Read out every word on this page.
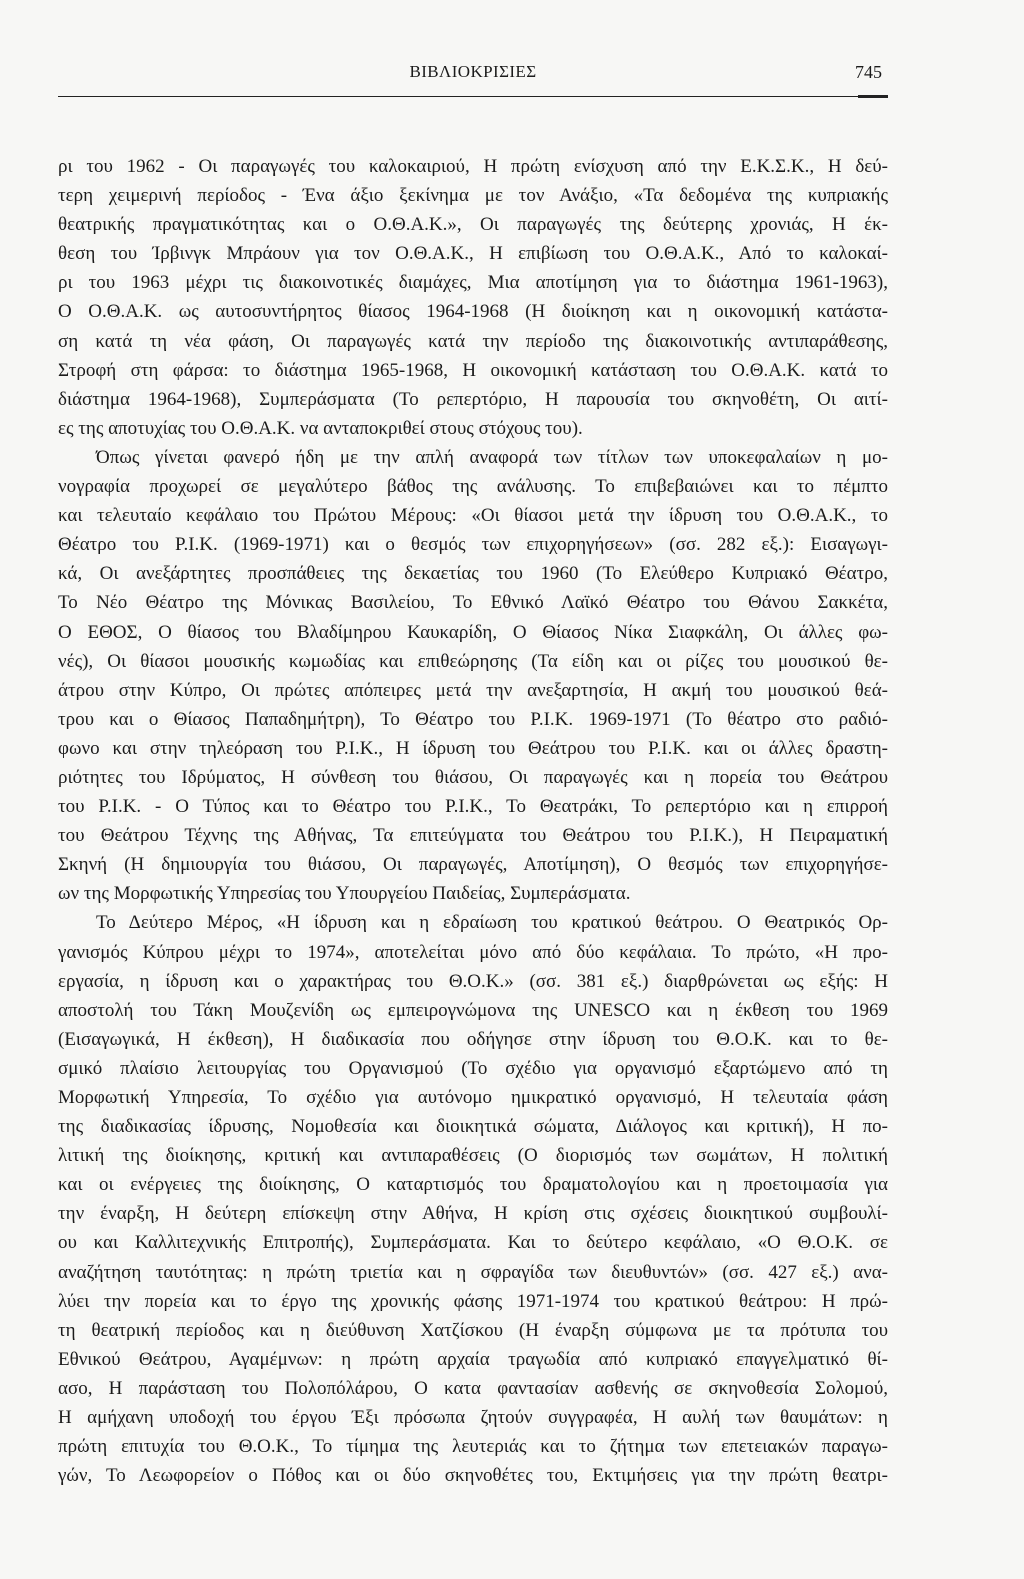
ΒΙΒΛΙΟΚΡΙΣΙΕΣ	745
ρι του 1962 - Οι παραγωγές του καλοκαιριού, Η πρώτη ενίσχυση από την Ε.Κ.Σ.Κ., Η δεύ-
τερη χειμερινή περίοδος - Ένα άξιο ξεκίνημα με τον Ανάξιο, «Τα δεδομένα της κυπριακής
θεατρικής πραγματικότητας και ο Ο.Θ.Α.Κ.», Οι παραγωγές της δεύτερης χρονιάς, Η έκ-
θεση του Ίρβινγκ Μπράουν για τον Ο.Θ.Α.Κ., Η επιβίωση του Ο.Θ.Α.Κ., Από το καλοκαί-
ρι του 1963 μέχρι τις διακοινοτικές διαμάχες, Μια αποτίμηση για το διάστημα 1961-1963),
Ο Ο.Θ.Α.Κ. ως αυτοσυντήρητος θίασος 1964-1968 (Η διοίκηση και η οικονομική κατάστα-
ση κατά τη νέα φάση, Οι παραγωγές κατά την περίοδο της διακοινοτικής αντιπαράθεσης,
Στροφή στη φάρσα: το διάστημα 1965-1968, Η οικονομική κατάσταση του Ο.Θ.Α.Κ. κατά το
διάστημα 1964-1968), Συμπεράσματα (Το ρεπερτόριο, Η παρουσία του σκηνοθέτη, Οι αιτί-
ες της αποτυχίας του Ο.Θ.Α.Κ. να ανταποκριθεί στους στόχους του).
Όπως γίνεται φανερό ήδη με την απλή αναφορά των τίτλων των υποκεφαλαίων η μο-
νογραφία προχωρεί σε μεγαλύτερο βάθος της ανάλυσης. Το επιβεβαιώνει και το πέμπτο
και τελευταίο κεφάλαιο του Πρώτου Μέρους: «Οι θίασοι μετά την ίδρυση του Ο.Θ.Α.Κ., το
Θέατρο του Ρ.Ι.Κ. (1969-1971) και ο θεσμός των επιχορηγήσεων» (σσ. 282 εξ.): Εισαγωγι-
κά, Οι ανεξάρτητες προσπάθειες της δεκαετίας του 1960 (Το Ελεύθερο Κυπριακό Θέατρο,
Το Νέο Θέατρο της Μόνικας Βασιλείου, Το Εθνικό Λαϊκό Θέατρο του Θάνου Σακκέτα,
Ο ΕΘΟΣ, Ο θίασος του Βλαδίμηρου Καυκαρίδη, Ο Θίασος Νίκα Σιαφκάλη, Οι άλλες φω-
νές), Οι θίασοι μουσικής κωμωδίας και επιθεώρησης (Τα είδη και οι ρίζες του μουσικού θε-
άτρου στην Κύπρο, Οι πρώτες απόπειρες μετά την ανεξαρτησία, Η ακμή του μουσικού θεά-
τρου και ο Θίασος Παπαδημήτρη), Το Θέατρο του Ρ.Ι.Κ. 1969-1971 (Το θέατρο στο ραδιό-
φωνο και στην τηλεόραση του Ρ.Ι.Κ., Η ίδρυση του Θεάτρου του Ρ.Ι.Κ. και οι άλλες δραστη-
ριότητες του Ιδρύματος, Η σύνθεση του θιάσου, Οι παραγωγές και η πορεία του Θεάτρου
του Ρ.Ι.Κ. - Ο Τύπος και το Θέατρο του Ρ.Ι.Κ., Το Θεατράκι, Το ρεπερτόριο και η επιρροή
του Θεάτρου Τέχνης της Αθήνας, Τα επιτεύγματα του Θεάτρου του Ρ.Ι.Κ.), Η Πειραματική
Σκηνή (Η δημιουργία του θιάσου, Οι παραγωγές, Αποτίμηση), Ο θεσμός των επιχορηγήσε-
ων της Μορφωτικής Υπηρεσίας του Υπουργείου Παιδείας, Συμπεράσματα.
Το Δεύτερο Μέρος, «Η ίδρυση και η εδραίωση του κρατικού θεάτρου. Ο Θεατρικός Ορ-
γανισμός Κύπρου μέχρι το 1974», αποτελείται μόνο από δύο κεφάλαια. Το πρώτο, «Η προ-
εργασία, η ίδρυση και ο χαρακτήρας του Θ.Ο.Κ.» (σσ. 381 εξ.) διαρθρώνεται ως εξής: Η
αποστολή του Τάκη Μουζενίδη ως εμπειρογνώμονα της UNESCO και η έκθεση του 1969
(Εισαγωγικά, Η έκθεση), Η διαδικασία που οδήγησε στην ίδρυση του Θ.Ο.Κ. και το θε-
σμικό πλαίσιο λειτουργίας του Οργανισμού (Το σχέδιο για οργανισμό εξαρτώμενο από τη
Μορφωτική Υπηρεσία, Το σχέδιο για αυτόνομο ημικρατικό οργανισμό, Η τελευταία φάση
της διαδικασίας ίδρυσης, Νομοθεσία και διοικητικά σώματα, Διάλογος και κριτική), Η πο-
λιτική της διοίκησης, κριτική και αντιπαραθέσεις (Ο διορισμός των σωμάτων, Η πολιτική
και οι ενέργειες της διοίκησης, Ο καταρτισμός του δραματολογίου και η προετοιμασία για
την έναρξη, Η δεύτερη επίσκεψη στην Αθήνα, Η κρίση στις σχέσεις διοικητικού συμβουλί-
ου και Καλλιτεχνικής Επιτροπής), Συμπεράσματα. Και το δεύτερο κεφάλαιο, «Ο Θ.Ο.Κ. σε
αναζήτηση ταυτότητας: η πρώτη τριετία και η σφραγίδα των διευθυντών» (σσ. 427 εξ.) ανα-
λύει την πορεία και το έργο της χρονικής φάσης 1971-1974 του κρατικού θεάτρου: Η πρώ-
τη θεατρική περίοδος και η διεύθυνση Χατζίσκου (Η έναρξη σύμφωνα με τα πρότυπα του
Εθνικού Θεάτρου, Αγαμέμνων: η πρώτη αρχαία τραγωδία από κυπριακό επαγγελματικό θί-
ασο, Η παράσταση του Πολοπόλάρου, Ο κατα φαντασίαν ασθενής σε σκηνοθεσία Σολομού,
Η αμήχανη υποδοχή του έργου Έξι πρόσωπα ζητούν συγγραφέα, Η αυλή των θαυμάτων: η
πρώτη επιτυχία του Θ.Ο.Κ., Το τίμημα της λευτεριάς και το ζήτημα των επετειακών παραγω-
γών, Το Λεωφορείον ο Πόθος και οι δύο σκηνοθέτες του, Εκτιμήσεις για την πρώτη θεατρι-
